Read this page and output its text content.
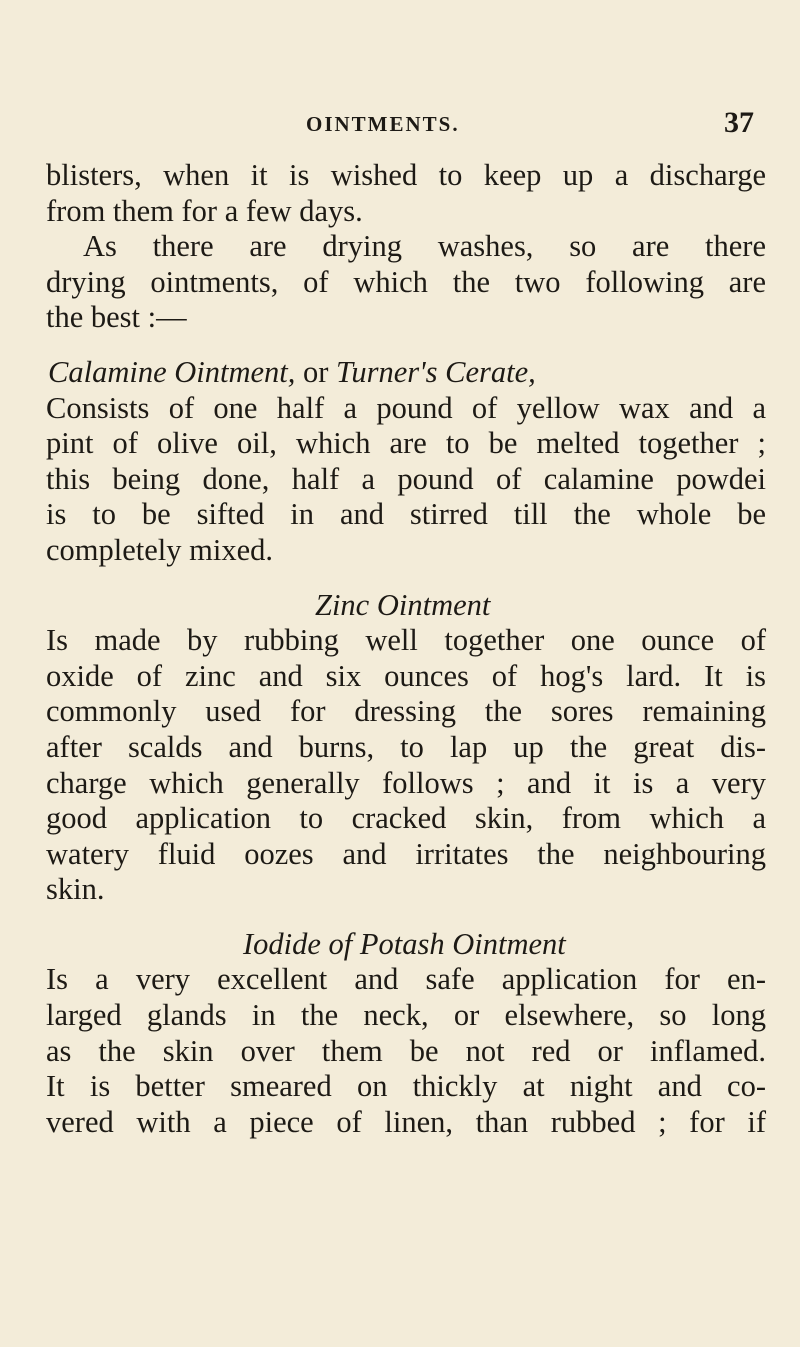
OINTMENTS.	37
blisters, when it is wished to keep up a discharge
from them for a few days.
As there are drying washes, so are there
drying ointments, of which the two following are
the best :—
Calamine Ointment, or Turner's Cerate,
Consists of one half a pound of yellow wax and a
pint of olive oil, which are to be melted together ;
this being done, half a pound of calamine powdei
is to be sifted in and stirred till the whole be
completely mixed.
Zinc Ointment
Is made by rubbing well together one ounce of
oxide of zinc and six ounces of hog's lard. It is
commonly used for dressing the sores remaining
after scalds and burns, to lap up the great dis-
charge which generally follows ; and it is a very
good application to cracked skin, from which a
watery fluid oozes and irritates the neighbouring
skin.
Iodide of Potash Ointment
Is a very excellent and safe application for en-
larged glands in the neck, or elsewhere, so long
as the skin over them be not red or inflamed.
It is better smeared on thickly at night and co-
vered with a piece of linen, than rubbed ; for if
